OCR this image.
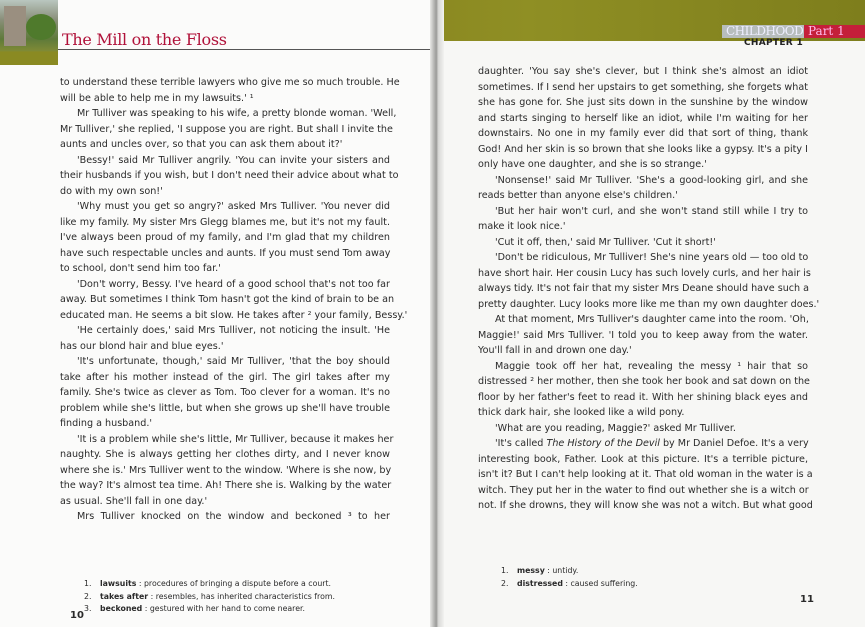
The Mill on the Floss
to understand these terrible lawyers who give me so much trouble. He
will be able to help me in my lawsuits.' ¹
Mr Tulliver was speaking to his wife, a pretty blonde woman. 'Well,
Mr Tulliver,' she replied, 'I suppose you are right. But shall I invite the
aunts and uncles over, so that you can ask them about it?'
'Bessy!' said Mr Tulliver angrily. 'You can invite your sisters and
their husbands if you wish, but I don't need their advice about what to
do with my own son!'
'Why must you get so angry?' asked Mrs Tulliver. 'You never did
like my family. My sister Mrs Glegg blames me, but it's not my fault.
I've always been proud of my family, and I'm glad that my children
have such respectable uncles and aunts. If you must send Tom away
to school, don't send him too far.'
'Don't worry, Bessy. I've heard of a good school that's not too far
away. But sometimes I think Tom hasn't got the kind of brain to be an
educated man. He seems a bit slow. He takes after ² your family, Bessy.'
'He certainly does,' said Mrs Tulliver, not noticing the insult. 'He
has our blond hair and blue eyes.'
'It's unfortunate, though,' said Mr Tulliver, 'that the boy should
take after his mother instead of the girl. The girl takes after my
family. She's twice as clever as Tom. Too clever for a woman. It's no
problem while she's little, but when she grows up she'll have trouble
finding a husband.'
'It is a problem while she's little, Mr Tulliver, because it makes her
naughty. She is always getting her clothes dirty, and I never know
where she is.' Mrs Tulliver went to the window. 'Where is she now, by
the way? It's almost tea time. Ah! There she is. Walking by the water
as usual. She'll fall in one day.'
Mrs Tulliver knocked on the window and beckoned ³ to her
1. lawsuits : procedures of bringing a dispute before a court.
2. takes after : resembles, has inherited characteristics from.
3. beckoned : gestured with her hand to come nearer.
10
CHILDHOOD Part 1
CHAPTER 1
daughter. 'You say she's clever, but I think she's almost an idiot
sometimes. If I send her upstairs to get something, she forgets what
she has gone for. She just sits down in the sunshine by the window
and starts singing to herself like an idiot, while I'm waiting for her
downstairs. No one in my family ever did that sort of thing, thank
God! And her skin is so brown that she looks like a gypsy. It's a pity I
only have one daughter, and she is so strange.'
'Nonsense!' said Mr Tulliver. 'She's a good-looking girl, and she
reads better than anyone else's children.'
'But her hair won't curl, and she won't stand still while I try to
make it look nice.'
'Cut it off, then,' said Mr Tulliver. 'Cut it short!'
'Don't be ridiculous, Mr Tulliver! She's nine years old — too old to
have short hair. Her cousin Lucy has such lovely curls, and her hair is
always tidy. It's not fair that my sister Mrs Deane should have such a
pretty daughter. Lucy looks more like me than my own daughter does.'
At that moment, Mrs Tulliver's daughter came into the room. 'Oh,
Maggie!' said Mrs Tulliver. 'I told you to keep away from the water.
You'll fall in and drown one day.'
Maggie took off her hat, revealing the messy ¹ hair that so
distressed ² her mother, then she took her book and sat down on the
floor by her father's feet to read it. With her shining black eyes and
thick dark hair, she looked like a wild pony.
'What are you reading, Maggie?' asked Mr Tulliver.
'It's called The History of the Devil by Mr Daniel Defoe. It's a very
interesting book, Father. Look at this picture. It's a terrible picture,
isn't it? But I can't help looking at it. That old woman in the water is a
witch. They put her in the water to find out whether she is a witch or
not. If she drowns, they will know she was not a witch. But what good
1. messy : untidy.
2. distressed : caused suffering.
11
